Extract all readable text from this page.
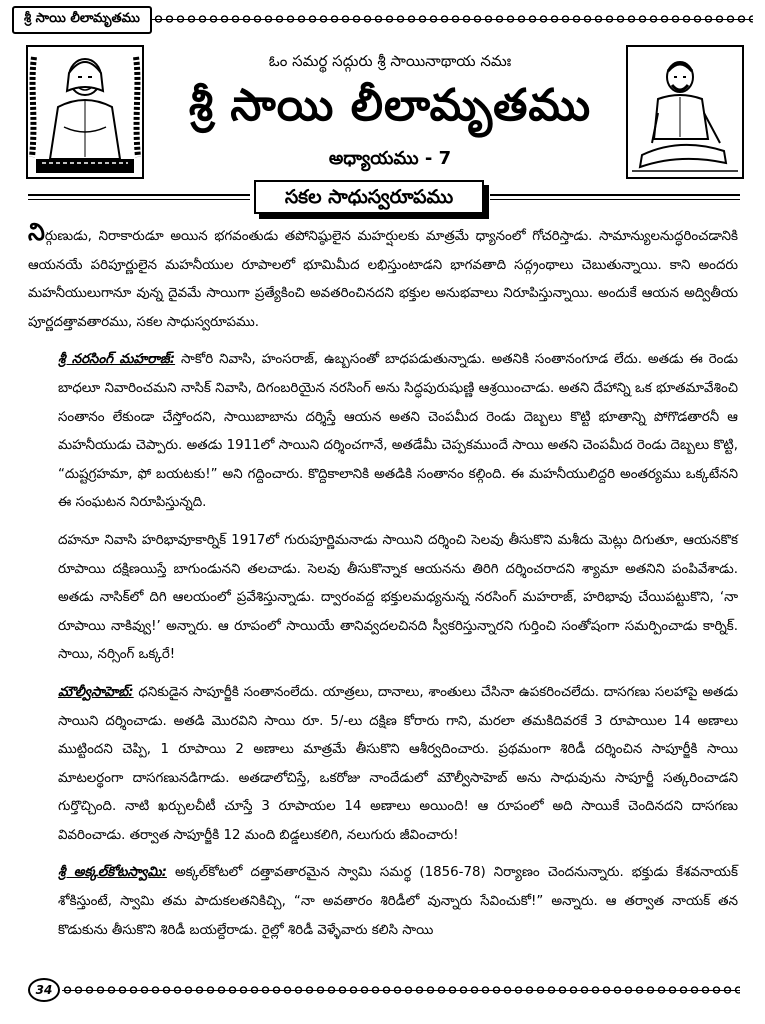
శ్రీ సాయి లీలామృతము
ఓం సమర్థ సద్గురు శ్రీ సాయినాథాయ నమః
శ్రీ సాయి లీలామృతము
అధ్యాయము - 7
సకల సాధుస్వరూపము

నిర్గుణుడు, నిరాకారుడూ అయిన భగవంతుడు తపోనిష్ఠులైన మహర్షులకు మాత్రమే ధ్యానంలో గోచరిస్తాడు. సామాన్యులనుద్ధరించడానికి ఆయనయే పరిపూర్ణులైన మహనీయుల రూపాలలో భూమిమీద లభిస్తుంటాడని భాగవతాది సద్గ్రంథాలు చెబుతున్నాయి. కాని అందరు మహనీయులుగానూ వున్న దైవమే సాయిగా ప్రత్యేకించి అవతరించినదని భక్తుల అనుభవాలు నిరూపిస్తున్నాయి. అందుకే ఆయన అద్వితీయ పూర్ణదత్తావతారము, సకల సాధుస్వరూపము.

శ్రీ నరసింగ్ మహరాజ్: సాకోరి నివాసి, హంసరాజ్, ఉబ్బసంతో బాధపడుతున్నాడు. అతనికి సంతానంగూడ లేదు. అతడు ఈ రెండు బాధలూ నివారించమని నాసిక్ నివాసి, దిగంబరియైన నరసింగ్ అను సిద్ధపురుషుణ్ణి ఆశ్రయించాడు. అతని దేహాన్ని ఒక భూతమావేశించి సంతానం లేకుండా చేస్తోందని, సాయిబాబాను దర్శిస్తే ఆయన అతని చెంపమీద రెండు దెబ్బలు కొట్టి భూతాన్ని పోగొడతారనీ ఆ మహనీయుడు చెప్పారు. అతడు 1911లో సాయిని దర్శించగానే, అతడేమీ చెప్పకముందే సాయి అతని చెంపమీద రెండు దెబ్బలు కొట్టి, “దుష్టగ్రహమా, ఫో బయటకు!” అని గద్దించారు. కొద్దికాలానికి అతడికి సంతానం కల్గింది. ఈ మహనీయులిద్దరి అంతర్యము ఒక్కటేనని ఈ సంఘటన నిరూపిస్తున్నది.

దహనూ నివాసి హరిభావూకార్నిక్ 1917లో గురుపూర్ణిమనాడు సాయిని దర్శించి సెలవు తీసుకొని మశీదు మెట్లు దిగుతూ, ఆయనకొక రూపాయి దక్షిణయిస్తే బాగుండునని తలచాడు. సెలవు తీసుకొన్నాక ఆయనను తిరిగి దర్శించరాదని శ్యామా అతనిని పంపివేశాడు. అతడు నాసిక్‌లో దిగి ఆలయంలో ప్రవేశిస్తున్నాడు. ద్వారంవద్ద భక్తులమధ్యనున్న నరసింగ్ మహరాజ్, హరిభావు చేయిపట్టుకొని, ‘నా రూపాయి నాకివ్వు!’ అన్నారు. ఆ రూపంలో సాయియే తానివ్వదలచినది స్వీకరిస్తున్నారని గుర్తించి సంతోషంగా సమర్పించాడు కార్నిక్. సాయి, నర్సింగ్ ఒక్కరే!

మౌల్వీసాహెబ్: ధనికుడైన సాపూర్జీకి సంతానంలేదు. యాత్రలు, దానాలు, శాంతులు చేసినా ఉపకరించలేదు. దాసగణు సలహాపై అతడు సాయిని దర్శించాడు. అతడి మొరవిని సాయి రూ. 5/-లు దక్షిణ కోరారు గాని, మరలా తమకిదివరకే 3 రూపాయిల 14 అణాలు ముట్టిందని చెప్పి, 1 రూపాయి 2 అణాలు మాత్రమే తీసుకొని ఆశీర్వదించారు. ప్రథమంగా శిరిడీ దర్శించిన సాపూర్జీకి సాయి మాటలర్థంగా దాసగణునడిగాడు. అతడాలోచిస్తే, ఒకరోజు నాందేడులో మౌల్వీసాహెబ్ అను సాధువును సాపూర్జీ సత్కరించాడని గుర్తొచ్చింది. నాటి ఖర్చులచీటీ చూస్తే 3 రూపాయల 14 అణాలు అయింది! ఆ రూపంలో అది సాయికే చెందినదని దాసగణు వివరించాడు. తర్వాత సాపూర్జీకి 12 మంది బిడ్డలుకలిగి, నలుగురు జీవించారు!

శ్రీ అక్కల్‌కోటస్వామి: అక్కల్‌కోటలో దత్తావతారమైన స్వామి సమర్థ (1856-78) నిర్యాణం చెందనున్నారు. భక్తుడు కేశవనాయక్ శోకిస్తుంటే, స్వామి తమ పాదుకలతనికిచ్చి, “నా అవతారం శిరిడీలో వున్నారు సేవించుకో!” అన్నారు. ఆ తర్వాత నాయక్ తన కొడుకును తీసుకొని శిరిడీ బయల్దేరాడు. రైల్లో శిరిడీ వెళ్ళేవారు కలిసి సాయి

34
